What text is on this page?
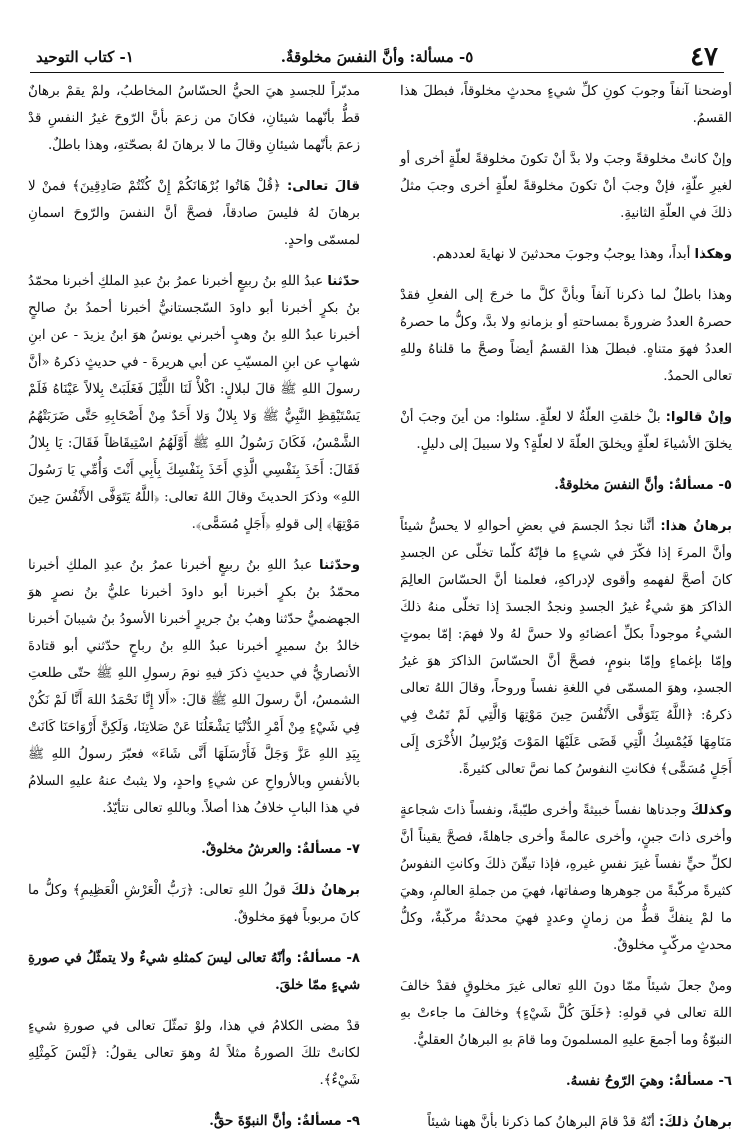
٤٧
٥- مسألة: وأنَّ النفسَ مخلوقةٌ.
١- كتاب التوحيد

أوضحنا آنفاً وجوبَ كونِ كلِّ شيءٍ محدثٍ مخلوقاً، فبطلَ هذا القسمُ.

وإنْ كانتْ مخلوقةً وجبَ ولا بدَّ أنْ تكونَ مخلوقةً لعلّةٍ أخرى أو لغيرِ علّةٍ، فإنْ وجبَ أنْ تكونَ مخلوقةً لعلّةٍ أخرى وجبَ مثلُ ذلكَ في العلّةِ الثانيةِ.

وهكذا أبداً، وهذا يوجبُ وجوبَ محدثينَ لا نهايةَ لعددهم.

وهذا باطلٌ لما ذكرنا آنفاً وبأنَّ كلَّ ما خرجَ إلى الفعلِ فقدْ حصرهُ العددُ ضرورةً بمساحتهِ أو بزمانهِ ولا بدَّ، وكلُّ ما حصرهُ العددُ فهوَ متناهٍ. فبطلَ هذا القسمُ أيضاً وصحَّ ما قلناهُ وللهِ تعالى الحمدُ.

وإنْ قالوا: بلْ خلقتِ العلّةُ لا لعلّةٍ. سئلوا: من أينَ وجبَ أنْ يخلقَ الأشياءَ لعلّةٍ ويخلقَ العلّةَ لا لعلّةٍ؟ ولا سبيلَ إلى دليلٍ.

٥- مسألةٌ: وأنَّ النفسَ مخلوقةٌ.

برهانُ هذا: أنَّنا نجدُ الجسمَ في بعضِ أحوالهِ لا يحسُّ شيئاً وأنَّ المرءَ إذا فكّرَ في شيءٍ ما فإنّهُ كلّما تخلّى عن الجسدِ كانَ أصحَّ لفهمهِ وأقوى لإدراكهِ، فعلمنا أنَّ الحسّاسَ العالِمَ الذاكرَ هوَ شيءٌ غيرُ الجسدِ ونجدُ الجسدَ إذا تخلّى منهُ ذلكَ الشيءُ موجوداً بكلِّ أعضائهِ ولا حسَّ لهُ ولا فهمَ: إمّا بموتٍ وإمّا بإغماءٍ وإمّا بنومٍ، فصحَّ أنَّ الحسّاسَ الذاكرَ هوَ غيرُ الجسدِ، وهوَ المسمّى في اللغةِ نفساً وروحاً، وقالَ اللهُ تعالى ذكرهُ: ﴿اللَّهُ يَتَوَفَّى الأَنْفُسَ حِينَ مَوْتِهَا وَالَّتِي لَمْ تَمُتْ فِي مَنَامِهَا فَيُمْسِكُ الَّتِي قَضَى عَلَيْهَا المَوْتَ وَيُرْسِلُ الأُخْرَى إِلَى أَجَلٍ مُسَمًّى﴾ فكانتِ النفوسُ كما نصَّ تعالى كثيرةً.

وكذلكَ وجدناها نفساً خبيثةً وأخرى طيّبةً، ونفساً ذاتَ شجاعةٍ وأخرى ذاتَ جبنٍ، وأخرى عالمةً وأخرى جاهلةً، فصحَّ يقيناً أنَّ لكلِّ حيٍّ نفساً غيرَ نفسِ غيرهِ، فإذا تيقّنَ ذلكَ وكانتِ النفوسُ كثيرةً مركّبةً من جوهرها وصفاتها، فهيَ من جملةِ العالمِ، وهيَ ما لمْ ينفكَّ قطُّ من زمانٍ وعددٍ فهيَ محدثةٌ مركّبةٌ، وكلُّ محدثٍ مركّبٍ مخلوقٌ.

ومنْ جعلَ شيئاً ممّا دونَ اللهِ تعالى غيرَ مخلوقٍ فقدْ خالفَ اللهَ تعالى في قولهِ: ﴿خَلَقَ كُلَّ شَيْءٍ﴾ وخالفَ ما جاءتْ بهِ النبوّةُ وما أجمعَ عليهِ المسلمونَ وما قامَ بهِ البرهانُ العقليُّ.

٦- مسألةٌ: وهيَ الرّوحُ نفسهُ.

برهانُ ذلكَ: أنّهُ قدْ قامَ البرهانُ كما ذكرنا بأنَّ ههنا شيئاً

مدبّراً للجسدِ هيَ الحيُّ الحسّاسُ المخاطبُ، ولمْ يقمْ برهانٌ قطُّ بأنّهما شيئانِ، فكانَ من زعمَ بأنَّ الرّوحَ غيرُ النفسِ قدْ زعمَ بأنّهما شيئانِ وقالَ ما لا برهانَ لهُ بصحّتهِ، وهذا باطلٌ.

قالَ تعالى: ﴿قُلْ هَاتُوا بُرْهَانَكُمْ إِنْ كُنْتُمْ صَادِقِينَ﴾ فمنْ لا برهانَ لهُ فليسَ صادقاً، فصحَّ أنَّ النفسَ والرّوحَ اسمانِ لمسمّى واحدٍ.

حدّثنا عبدُ اللهِ بنُ ربيعٍ أخبرنا عمرُ بنُ عبدِ الملكِ أخبرنا محمّدُ بنُ بكرٍ أخبرنا أبو داودَ السّجستانيُّ أخبرنا أحمدُ بنُ صالحٍ أخبرنا عبدُ اللهِ بنُ وهبٍ أخبرني يونسُ هوَ ابنُ يزيدَ - عن ابنِ شهابٍ عن ابنِ المسيّبِ عن أبي هريرةَ - في حديثٍ ذكرهُ «أنَّ رسولَ اللهِ ﷺ قالَ لبلالٍ: اكْلأْ لَنَا اللَّيْلَ فَغَلَبَتْ بِلالاً عَيْنَاهُ فَلَمْ يَسْتَيْقِظِ النَّبِيُّ ﷺ وَلا بِلالٌ وَلا أَحَدٌ مِنْ أَصْحَابِهِ حَتَّى ضَرَبَتْهُمُ الشَّمْسُ، فَكَانَ رَسُولُ اللهِ ﷺ أَوَّلَهُمُ اسْتِيقَاظاً فَقَالَ: يَا بِلالُ فَقَالَ: أَخَذَ بِنَفْسِي الَّذِي أَخَذَ بِنَفْسِكَ بِأَبِي أَنْتَ وَأُمِّي يَا رَسُولَ اللهِ» وذكرَ الحديثَ وقالَ اللهُ تعالى: ﴿اللَّهُ يَتَوَفَّى الأَنْفُسَ حِينَ مَوْتِهَا﴾ إلى قولهِ ﴿أَجَلٍ مُسَمًّى﴾.

وحدّثنا عبدُ اللهِ بنُ ربيعٍ أخبرنا عمرُ بنُ عبدِ الملكِ أخبرنا محمّدُ بنُ بكرٍ أخبرنا أبو داودَ أخبرنا عليُّ بنُ نصرٍ هوَ الجهضميُّ حدّثنا وهبُ بنُ جريرٍ أخبرنا الأسودُ بنُ شيبانَ أخبرنا خالدُ بنُ سميرٍ أخبرنا عبدُ اللهِ بنُ رباحٍ حدّثني أبو قتادةَ الأنصاريُّ في حديثٍ ذكرَ فيهِ نومَ رسولِ اللهِ ﷺ حتّى طلعتِ الشمسُ، أنَّ رسولَ اللهِ ﷺ قالَ: «أَلا إِنَّا نَحْمَدُ اللهَ أَنَّا لَمْ نَكُنْ فِي شَيْءٍ مِنْ أَمْرِ الدُّنْيَا يَشْغَلُنَا عَنْ صَلاتِنَا، وَلَكِنَّ أَرْوَاحَنَا كَانَتْ بِيَدِ اللهِ عَزَّ وَجَلَّ فَأَرْسَلَهَا أَنَّى شَاءَ» فعبّرَ رسولُ اللهِ ﷺ بالأنفسِ وبالأرواحِ عن شيءٍ واحدٍ، ولا يثبتُ عنهُ عليهِ السلامُ في هذا البابِ خلافُ هذا أصلاً. وباللهِ تعالى نتأيّدُ.

٧- مسألةٌ: والعرشُ مخلوقٌ.

برهانُ ذلكَ قولُ اللهِ تعالى: ﴿رَبُّ الْعَرْشِ الْعَظِيمِ﴾ وكلُّ ما كانَ مربوباً فهوَ مخلوقٌ.

٨- مسألةٌ: وأنّهُ تعالى ليسَ كمثلهِ شيءٌ ولا يتمثّلُ في صورةِ شيءٍ ممّا خلقَ.

قدْ مضى الكلامُ في هذا، ولوْ تمثّلَ تعالى في صورةِ شيءٍ لكانتْ تلكَ الصورةُ مثلاً لهُ وهوَ تعالى يقولُ: ﴿لَيْسَ كَمِثْلِهِ شَيْءٌ﴾.

٩- مسألةٌ: وأنَّ النبوّةَ حقٌّ.
